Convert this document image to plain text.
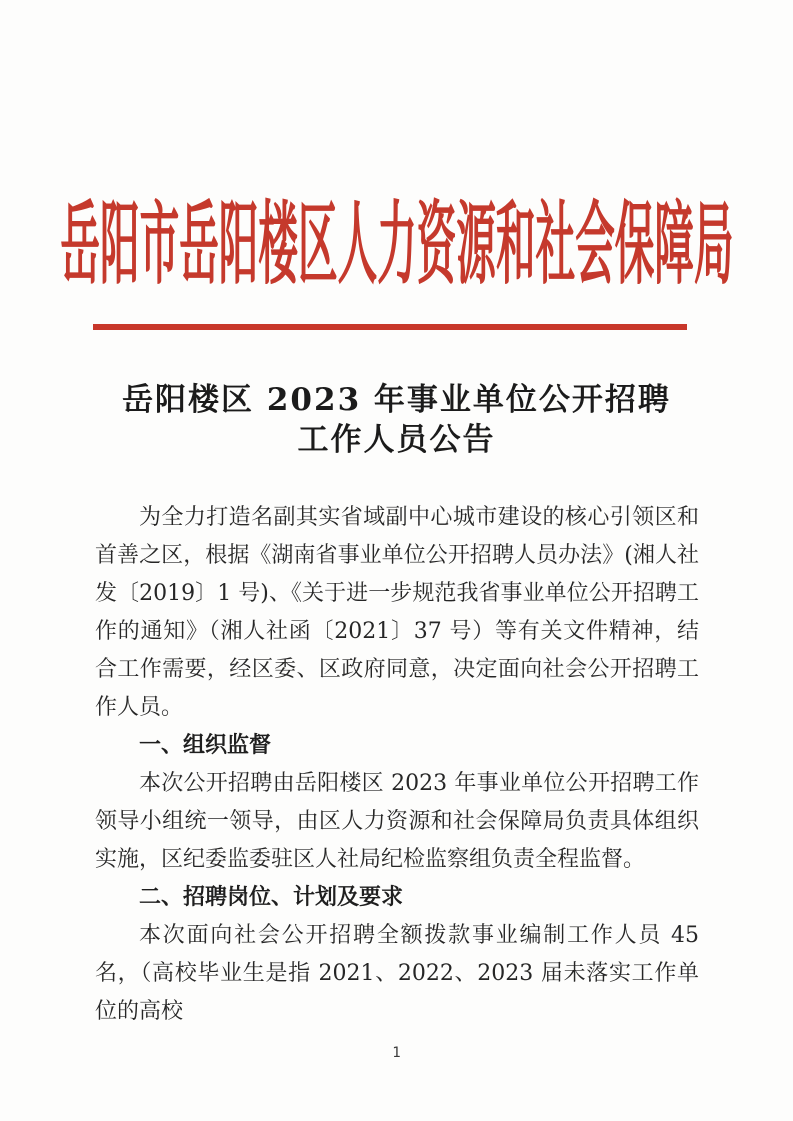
岳阳市岳阳楼区人力资源和社会保障局
岳阳楼区 2023 年事业单位公开招聘
工作人员公告

为全力打造名副其实省域副中心城市建设的核心引领区和首善之区，根据《湖南省事业单位公开招聘人员办法》(湘人社发〔2019〕1 号)、《关于进一步规范我省事业单位公开招聘工作的通知》（湘人社函〔2021〕37 号）等有关文件精神，结合工作需要，经区委、区政府同意，决定面向社会公开招聘工作人员。

一、组织监督

本次公开招聘由岳阳楼区 2023 年事业单位公开招聘工作领导小组统一领导，由区人力资源和社会保障局负责具体组织实施，区纪委监委驻区人社局纪检监察组负责全程监督。

二、招聘岗位、计划及要求

本次面向社会公开招聘全额拨款事业编制工作人员 45 名，（高校毕业生是指 2021、2022、2023 届未落实工作单位的高校

1
